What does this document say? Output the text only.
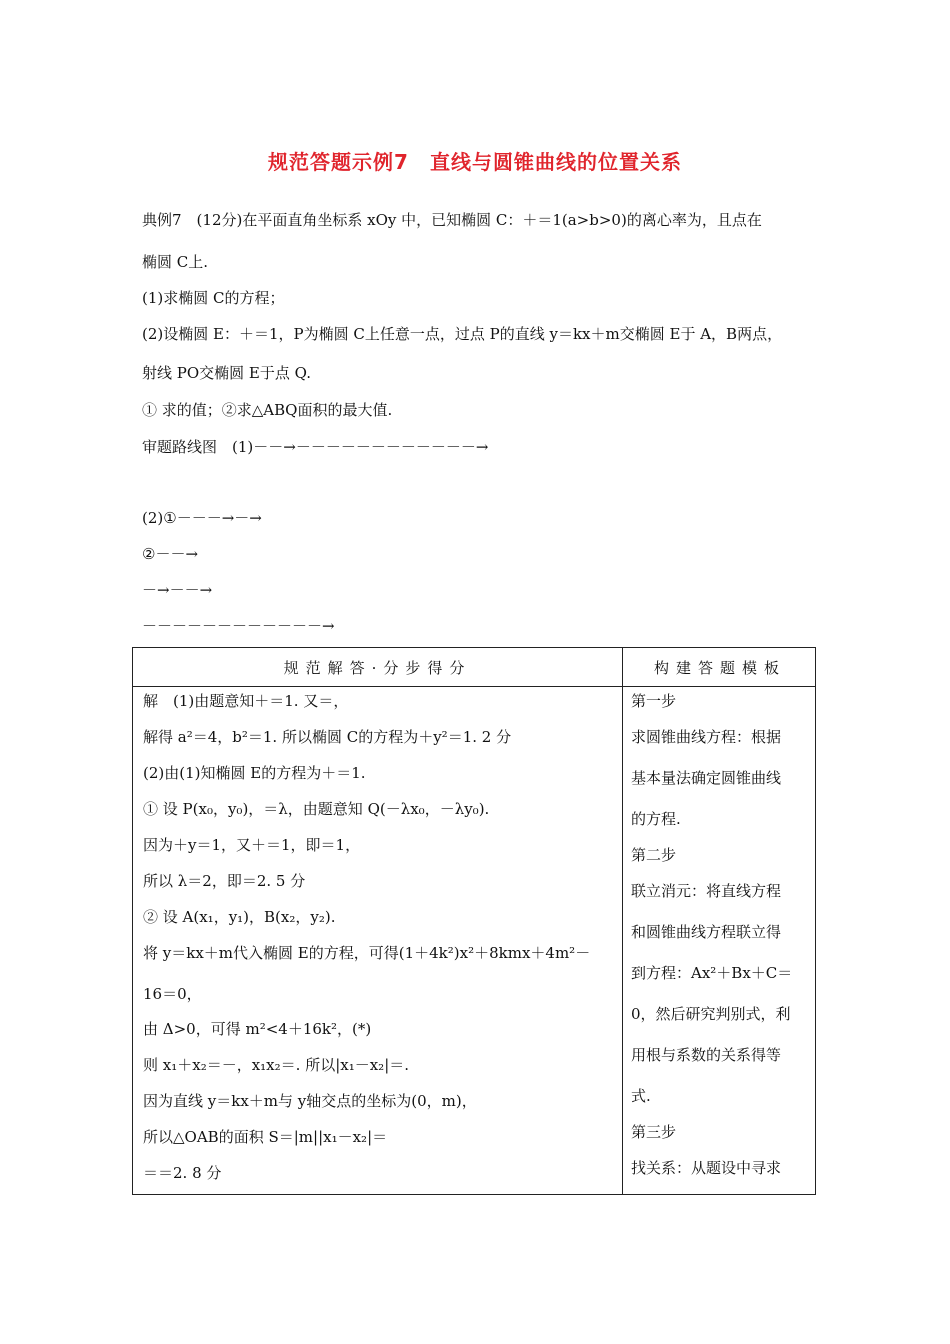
规范答题示例7　直线与圆锥曲线的位置关系
典例7　(12分)在平面直角坐标系 xOy 中，已知椭圆 C：＋＝1(a>b>0)的离心率为，且点在
椭圆 C上.
(1)求椭圆 C的方程；
(2)设椭圆 E：＋＝1，P为椭圆 C上任意一点，过点 P的直线 y＝kx＋m交椭圆 E于 A，B两点，
射线 PO交椭圆 E于点 Q.
① 求的值；②求△ABQ面积的最大值.
审题路线图　(1)－－→－－－－－－－－－－－－→
(2)①－－－→－→
②－－→
－→－－→
－－－－－－－－－－－－→
规范解答·分步得分	构建答题模板
解　(1)由题意知＋＝1. 又＝，
解得 a²＝4，b²＝1. 所以椭圆 C的方程为＋y²＝1. 2 分
(2)由(1)知椭圆 E的方程为＋＝1.
① 设 P(x₀，y₀)，＝λ，由题意知 Q(－λx₀，－λy₀).
因为＋y＝1，又＋＝1，即＝1，
所以 λ＝2，即＝2. 5 分
② 设 A(x₁，y₁)，B(x₂，y₂).
将 y＝kx＋m代入椭圆 E的方程，可得(1＋4k²)x²＋8kmx＋4m²－
16＝0，
由 Δ>0，可得 m²<4＋16k²，(*)
则 x₁＋x₂＝－，x₁x₂＝. 所以|x₁－x₂|＝.
因为直线 y＝kx＋m与 y轴交点的坐标为(0，m)，
所以△OAB的面积 S＝|m||x₁－x₂|＝
＝＝2. 8 分
第一步
求圆锥曲线方程：根据
基本量法确定圆锥曲线
的方程.
第二步
联立消元：将直线方程
和圆锥曲线方程联立得
到方程：Ax²＋Bx＋C＝
0，然后研究判别式，利
用根与系数的关系得等
式.
第三步
找关系：从题设中寻求
